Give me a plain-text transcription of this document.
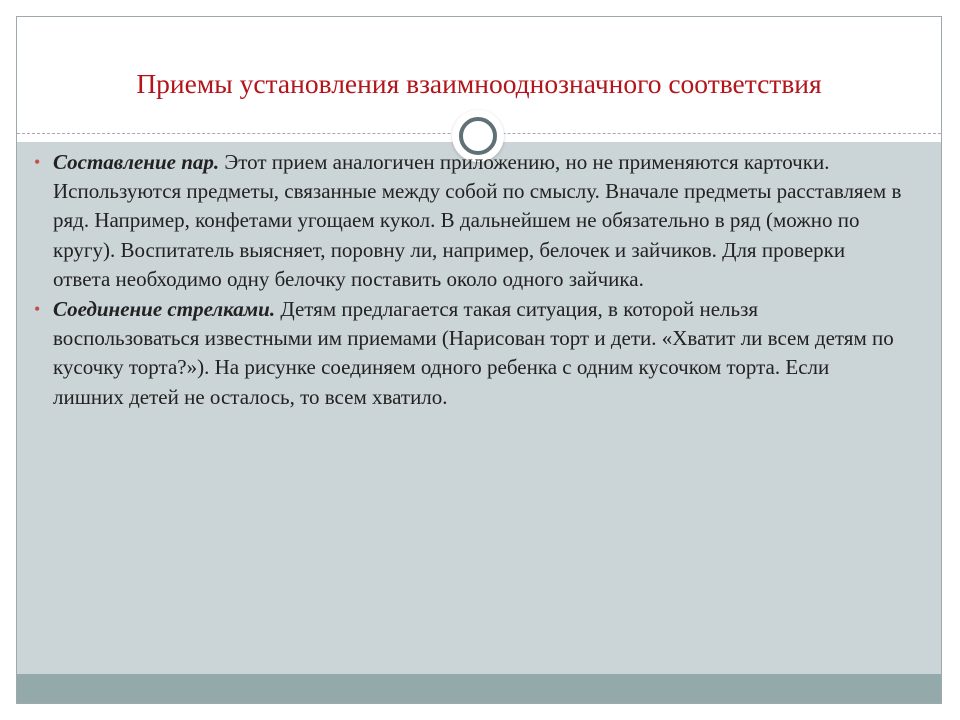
Приемы установления взаимнооднозначного соответствия
• Составление пар. Этот прием аналогичен приложению, но не применяются карточки. Используются предметы, связанные между собой по смыслу. Вначале предметы расставляем в ряд. Например, конфетами угощаем кукол. В дальнейшем не обязательно в ряд (можно по кругу). Воспитатель выясняет, поровну ли, например, белочек и зайчиков. Для проверки ответа необходимо одну белочку поставить около одного зайчика.
• Соединение стрелками. Детям предлагается такая ситуация, в которой нельзя воспользоваться известными им приемами (Нарисован торт и дети. «Хватит ли всем детям по кусочку торта?»). На рисунке соединяем одного ребенка с одним кусочком торта. Если лишних детей не осталось, то всем хватило.
